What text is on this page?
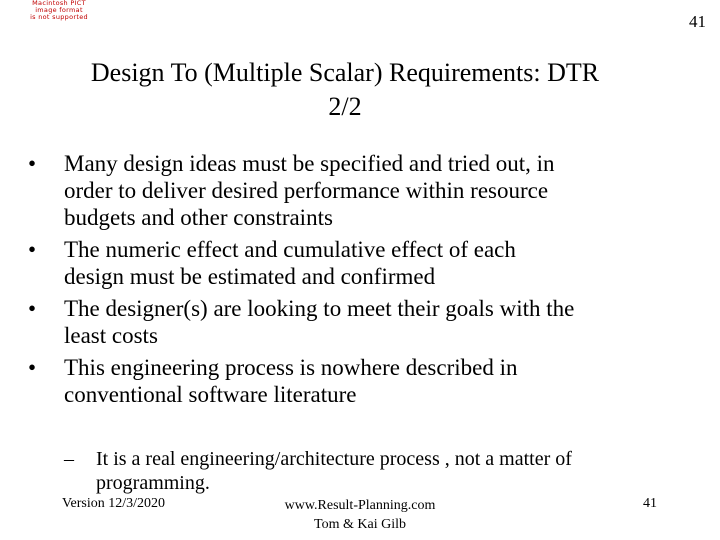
Macintosh PICT
image format
is not supported	41
Design To (Multiple Scalar) Requirements: DTR
2/2
• Many design ideas must be specified and tried out, in
order to deliver desired performance within resource
budgets and other constraints
• The numeric effect and cumulative effect of each
design must be estimated and confirmed
• The designer(s) are looking to meet their goals with the
least costs
• This engineering process is nowhere described in
conventional software literature
– It is a real engineering/architecture process , not a matter of
programming.
Version 12/3/2020	www.Result-Planning.com
Tom & Kai Gilb
41
